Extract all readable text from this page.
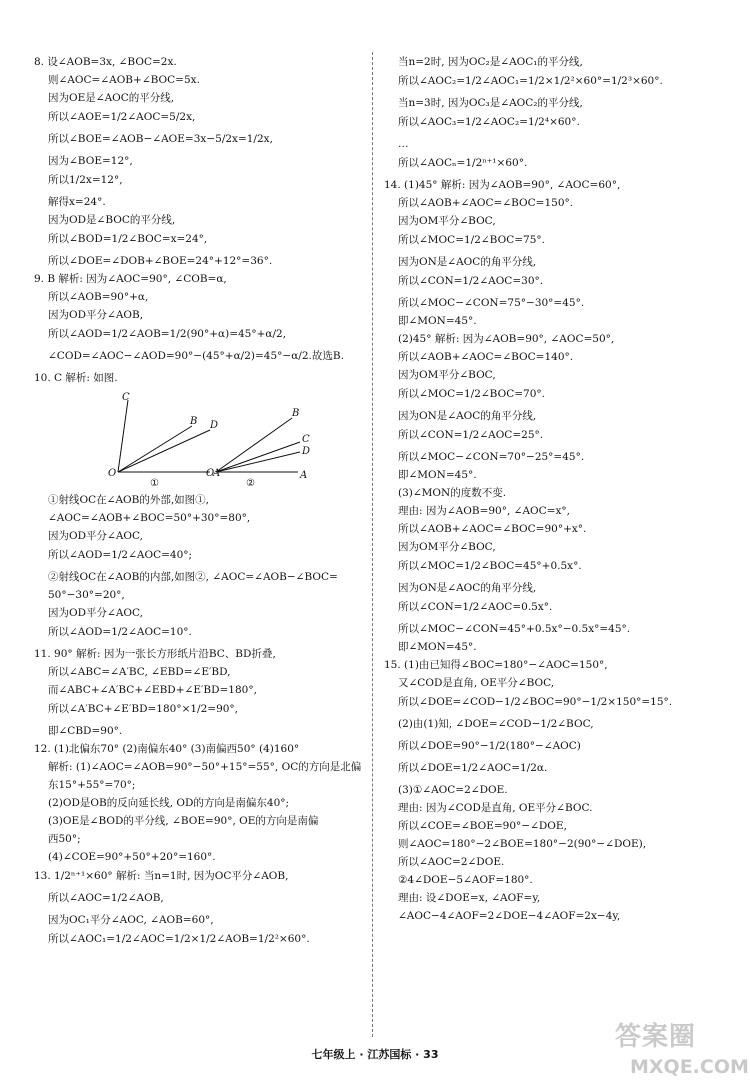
8. 设∠AOB=3x, ∠BOC=2x.
则∠AOC=∠AOB+∠BOC=5x.
因为OE是∠AOC的平分线,
所以∠AOE=1/2∠AOC=5/2x,
所以∠BOE=∠AOB−∠AOE=3x−5/2x=1/2x,
因为∠BOE=12°,
所以1/2x=12°,
解得x=24°.
因为OD是∠BOC的平分线,
所以∠BOD=1/2∠BOC=x=24°,
所以∠DOE=∠DOB+∠BOE=24°+12°=36°.
9. B 解析: 因为∠AOC=90°, ∠COB=α,
所以∠AOB=90°+α,
因为OD平分∠AOB,
所以∠AOD=1/2∠AOB=1/2(90°+α)=45°+α/2,
∠COD=∠AOC−∠AOD=90°−(45°+α/2)=45°−α/2.故选B.
10. C 解析: 如图.
C
B D
O	A
①
B
C
D
O	A
②
①射线OC在∠AOB的外部,如图①,
∠AOC=∠AOB+∠BOC=50°+30°=80°,
因为OD平分∠AOC,
所以∠AOD=1/2∠AOC=40°;
②射线OC在∠AOB的内部,如图②, ∠AOC=∠AOB−∠BOC=
50°−30°=20°,
因为OD平分∠AOC,
所以∠AOD=1/2∠AOC=10°.
11. 90° 解析: 因为一张长方形纸片沿BC、BD折叠,
所以∠ABC=∠A′BC, ∠EBD=∠E′BD,
而∠ABC+∠A′BC+∠EBD+∠E′BD=180°,
所以∠A′BC+∠E′BD=180°×1/2=90°,
即∠CBD=90°.
12. (1)北偏东70° (2)南偏东40° (3)南偏西50° (4)160°
解析: (1)∠AOC=∠AOB=90°−50°+15°=55°, OC的方向是北偏
东15°+55°=70°;
(2)OD是OB的反向延长线, OD的方向是南偏东40°;
(3)OE是∠BOD的平分线, ∠BOE=90°, OE的方向是南偏
西50°;
(4)∠COE=90°+50°+20°=160°.
13. 1/2ⁿ⁺¹×60° 解析: 当n=1时, 因为OC平分∠AOB,
所以∠AOC=1/2∠AOB,
因为OC₁平分∠AOC, ∠AOB=60°,
所以∠AOC₁=1/2∠AOC=1/2×1/2∠AOB=1/2²×60°.
当n=2时, 因为OC₂是∠AOC₁的平分线,
所以∠AOC₂=1/2∠AOC₁=1/2×1/2²×60°=1/2³×60°.
当n=3时, 因为OC₃是∠AOC₂的平分线,
所以∠AOC₃=1/2∠AOC₂=1/2⁴×60°.
…
所以∠AOCₙ=1/2ⁿ⁺¹×60°.
14. (1)45° 解析: 因为∠AOB=90°, ∠AOC=60°,
所以∠AOB+∠AOC=∠BOC=150°.
因为OM平分∠BOC,
所以∠MOC=1/2∠BOC=75°.
因为ON是∠AOC的角平分线,
所以∠CON=1/2∠AOC=30°.
所以∠MOC−∠CON=75°−30°=45°.
即∠MON=45°.
(2)45° 解析: 因为∠AOB=90°, ∠AOC=50°,
所以∠AOB+∠AOC=∠BOC=140°.
因为OM平分∠BOC,
所以∠MOC=1/2∠BOC=70°.
因为ON是∠AOC的角平分线,
所以∠CON=1/2∠AOC=25°.
所以∠MOC−∠CON=70°−25°=45°.
即∠MON=45°.
(3)∠MON的度数不变.
理由: 因为∠AOB=90°, ∠AOC=x°,
所以∠AOB+∠AOC=∠BOC=90°+x°.
因为OM平分∠BOC,
所以∠MOC=1/2∠BOC=45°+0.5x°.
因为ON是∠AOC的角平分线,
所以∠CON=1/2∠AOC=0.5x°.
所以∠MOC−∠CON=45°+0.5x°−0.5x°=45°.
即∠MON=45°.
15. (1)由已知得∠BOC=180°−∠AOC=150°,
又∠COD是直角, OE平分∠BOC,
所以∠DOE=∠COD−1/2∠BOC=90°−1/2×150°=15°.
(2)由(1)知, ∠DOE=∠COD−1/2∠BOC,
所以∠DOE=90°−1/2(180°−∠AOC)
所以∠DOE=1/2∠AOC=1/2α.
(3)①∠AOC=2∠DOE.
理由: 因为∠COD是直角, OE平分∠BOC.
所以∠COE=∠BOE=90°−∠DOE,
则∠AOC=180°−2∠BOE=180°−2(90°−∠DOE),
所以∠AOC=2∠DOE.
②4∠DOE−5∠AOF=180°.
理由: 设∠DOE=x, ∠AOF=y,
∠AOC−4∠AOF=2∠DOE−4∠AOF=2x−4y,
七年级上 · 江苏国标 · 33
答案圈
MXQE.COM
